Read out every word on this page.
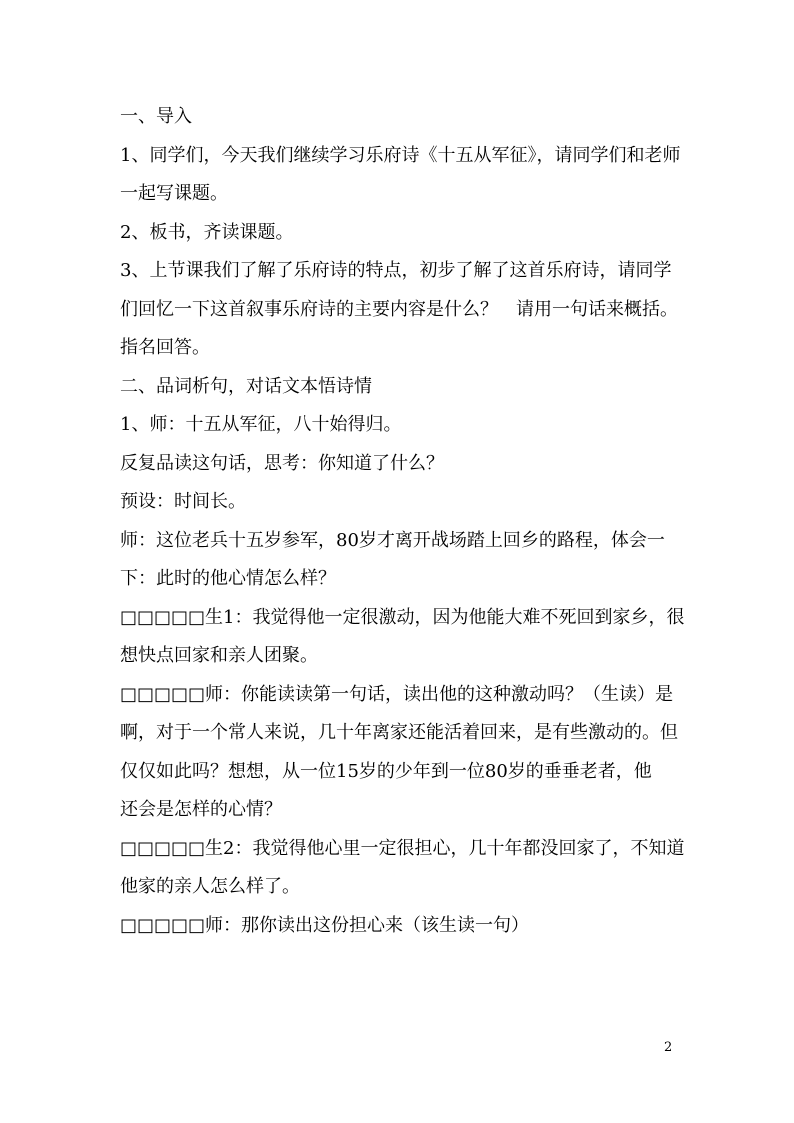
一、导入
1、同学们，今天我们继续学习乐府诗《十五从军征》，请同学们和老师
一起写课题。
2、板书，齐读课题。
3、上节课我们了解了乐府诗的特点，初步了解了这首乐府诗，请同学
们回忆一下这首叙事乐府诗的主要内容是什么？　请用一句话来概括。
指名回答。
二、品词析句，对话文本悟诗情
1、师：十五从军征，八十始得归。
反复品读这句话，思考：你知道了什么？
预设：时间长。
师：这位老兵十五岁参军，80岁才离开战场踏上回乡的路程，体会一
下：此时的他心情怎么样？
□□□□□生1：我觉得他一定很激动，因为他能大难不死回到家乡，很
想快点回家和亲人团聚。
□□□□□师：你能读读第一句话，读出他的这种激动吗？（生读）是
啊，对于一个常人来说，几十年离家还能活着回来，是有些激动的。但
仅仅如此吗？想想，从一位15岁的少年到一位80岁的垂垂老者，他
还会是怎样的心情？
□□□□□生2：我觉得他心里一定很担心，几十年都没回家了，不知道
他家的亲人怎么样了。
□□□□□师：那你读出这份担心来（该生读一句）
2
